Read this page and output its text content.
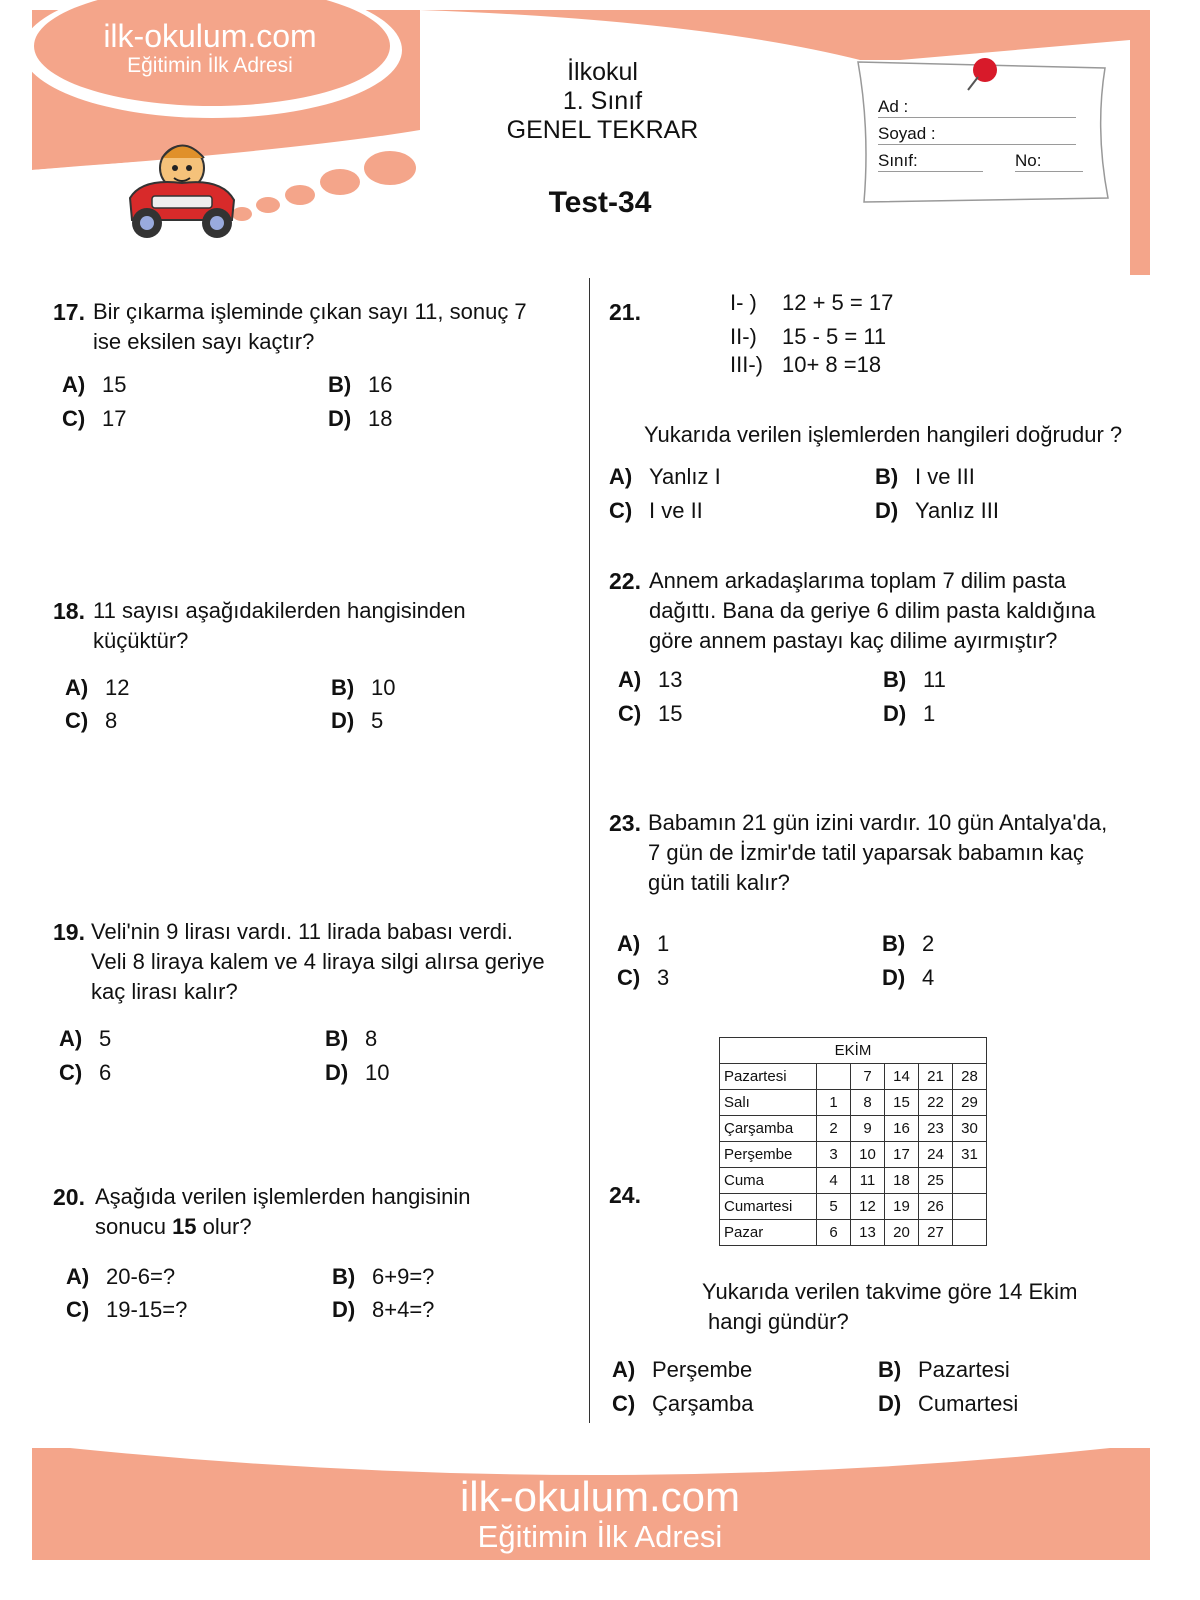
ilk-okulum.com
Eğitimin İlk Adresi	İlkokul
1. Sınıf
GENEL TEKRAR
Test-34
Ad :
Soyad :
Sınıf:	No:
17. Bir çıkarma işleminde çıkan sayı 11, sonuç 7
ise eksilen sayı kaçtır?
A) 15	B) 16
C) 17	D) 18
18. 11 sayısı aşağıdakilerden hangisinden
küçüktür?
A) 12	B) 10
C) 8	D) 5
19. Veli'nin 9 lirası vardı. 11 lirada babası verdi.
Veli 8 liraya kalem ve 4 liraya silgi alırsa geriye
kaç lirası kalır?
A) 5	B) 8
C) 6	D) 10
20. Aşağıda verilen işlemlerden hangisinin
sonucu 15 olur?
A) 20-6=?	B) 6+9=?
C) 19-15=?	D) 8+4=?
21.	I- ) 12 + 5 = 17
II-) 15 - 5 = 11
III-) 10+ 8 =18
Yukarıda verilen işlemlerden hangileri doğrudur ?
A) Yanlız I	B) I ve III
C) I ve II	D) Yanlız III
22. Annem arkadaşlarıma toplam 7 dilim pasta
dağıttı. Bana da geriye 6 dilim pasta kaldığına
göre annem pastayı kaç dilime ayırmıştır?
A) 13	B) 11
C) 15	D) 1
23. Babamın 21 gün izini vardır. 10 gün Antalya'da,
7 gün de İzmir'de tatil yaparsak babamın kaç
gün tatili kalır?
A) 1	B) 2
C) 3	D) 4
24.
EKİM					
Pazartesi		7	14	21	28
Salı	1	8	15	22	29
Çarşamba	2	9	16	23	30
Perşembe	3	10	17	24	31
Cuma	4	11	18	25	
Cumartesi	5	12	19	26	
Pazar	6	13	20	27	
Yukarıda verilen takvime göre 14 Ekim
hangi gündür?
A) Perşembe	B) Pazartesi
C) Çarşamba	D) Cumartesi
ilk-okulum.com
Eğitimin İlk Adresi
